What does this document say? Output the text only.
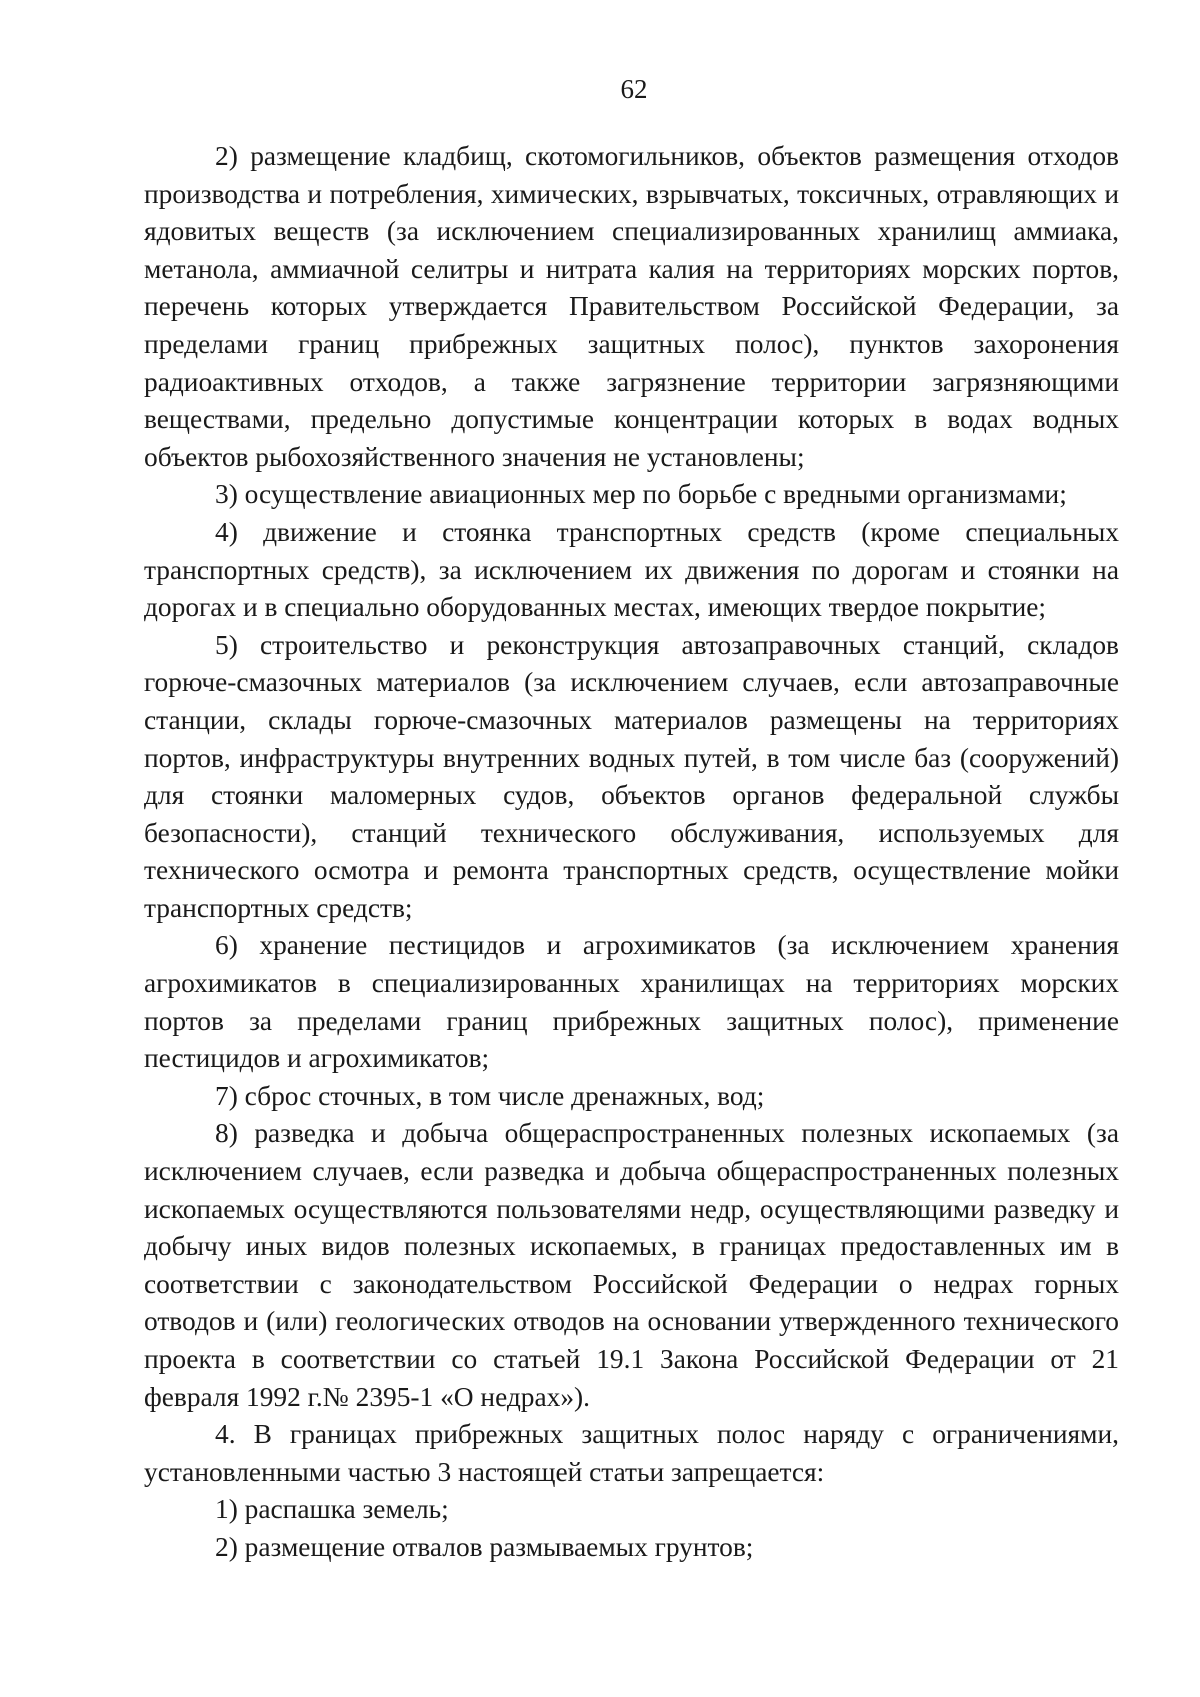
62

2) размещение кладбищ, скотомогильников, объектов размещения отходов производства и потребления, химических, взрывчатых, токсичных, отравляющих и ядовитых веществ (за исключением специализированных хранилищ аммиака, метанола, аммиачной селитры и нитрата калия на территориях морских портов, перечень которых утверждается Правительством Российской Федерации, за пределами границ прибрежных защитных полос), пунктов захоронения радиоактивных отходов, а также загрязнение территории загрязняющими веществами, предельно допустимые концентрации которых в водах водных объектов рыбохозяйственного значения не установлены;

3) осуществление авиационных мер по борьбе с вредными организмами;

4) движение и стоянка транспортных средств (кроме специальных транспортных средств), за исключением их движения по дорогам и стоянки на дорогах и в специально оборудованных местах, имеющих твердое покрытие;

5) строительство и реконструкция автозаправочных станций, складов горюче-смазочных материалов (за исключением случаев, если автозаправочные станции, склады горюче-смазочных материалов размещены на территориях портов, инфраструктуры внутренних водных путей, в том числе баз (сооружений) для стоянки маломерных судов, объектов органов федеральной службы безопасности), станций технического обслуживания, используемых для технического осмотра и ремонта транспортных средств, осуществление мойки транспортных средств;

6) хранение пестицидов и агрохимикатов (за исключением хранения агрохимикатов в специализированных хранилищах на территориях морских портов за пределами границ прибрежных защитных полос), применение пестицидов и агрохимикатов;

7) сброс сточных, в том числе дренажных, вод;

8) разведка и добыча общераспространенных полезных ископаемых (за исключением случаев, если разведка и добыча общераспространенных полезных ископаемых осуществляются пользователями недр, осуществляющими разведку и добычу иных видов полезных ископаемых, в границах предоставленных им в соответствии с законодательством Российской Федерации о недрах горных отводов и (или) геологических отводов на основании утвержденного технического проекта в соответствии со статьей 19.1 Закона Российской Федерации от 21 февраля 1992 г.№ 2395-1 «О недрах»).

4. В границах прибрежных защитных полос наряду с ограничениями, установленными частью 3 настоящей статьи запрещается:

1) распашка земель;

2) размещение отвалов размываемых грунтов;
